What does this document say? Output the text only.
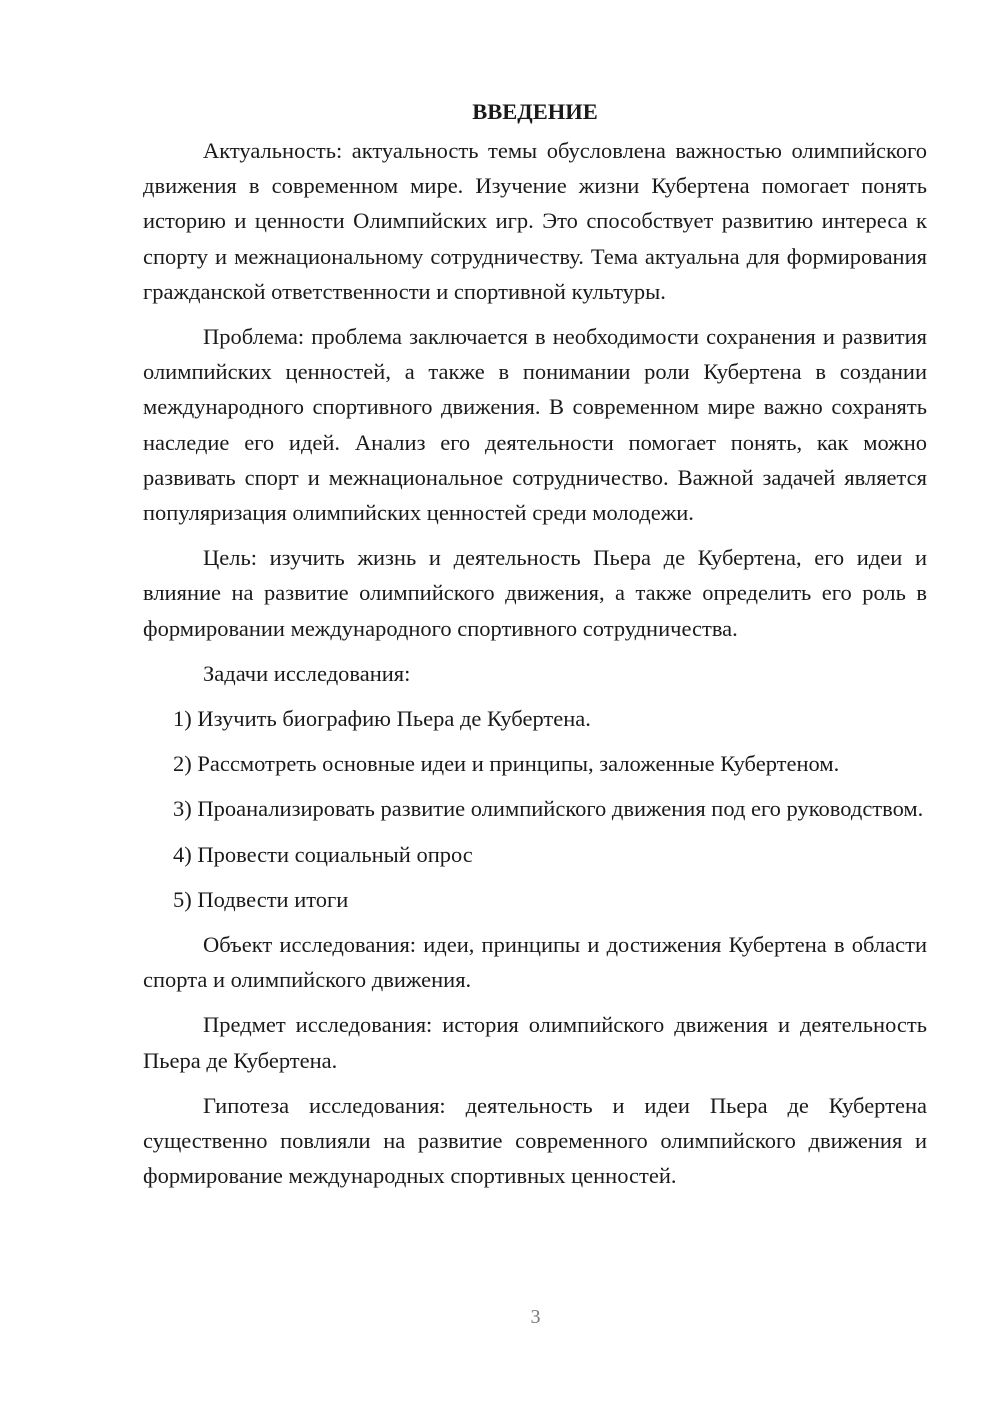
ВВЕДЕНИЕ

Актуальность: актуальность темы обусловлена важностью олимпийского движения в современном мире. Изучение жизни Кубертена помогает понять историю и ценности Олимпийских игр. Это способствует развитию интереса к спорту и межнациональному сотрудничеству. Тема актуальна для формирования гражданской ответственности и спортивной культуры.

Проблема: проблема заключается в необходимости сохранения и развития олимпийских ценностей, а также в понимании роли Кубертена в создании международного спортивного движения. В современном мире важно сохранять наследие его идей. Анализ его деятельности помогает понять, как можно развивать спорт и межнациональное сотрудничество. Важной задачей является популяризация олимпийских ценностей среди молодежи.

Цель: изучить жизнь и деятельность Пьера де Кубертена, его идеи и влияние на развитие олимпийского движения, а также определить его роль в формировании международного спортивного сотрудничества.

Задачи исследования:

1) Изучить биографию Пьера де Кубертена.

2) Рассмотреть основные идеи и принципы, заложенные Кубертеном.

3) Проанализировать развитие олимпийского движения под его руководством.

4) Провести социальный опрос

5) Подвести итоги

Объект исследования: идеи, принципы и достижения Кубертена в области спорта и олимпийского движения.

Предмет исследования: история олимпийского движения и деятельность Пьера де Кубертена.

Гипотеза исследования: деятельность и идеи Пьера де Кубертена существенно повлияли на развитие современного олимпийского движения и формирование международных спортивных ценностей.

3
